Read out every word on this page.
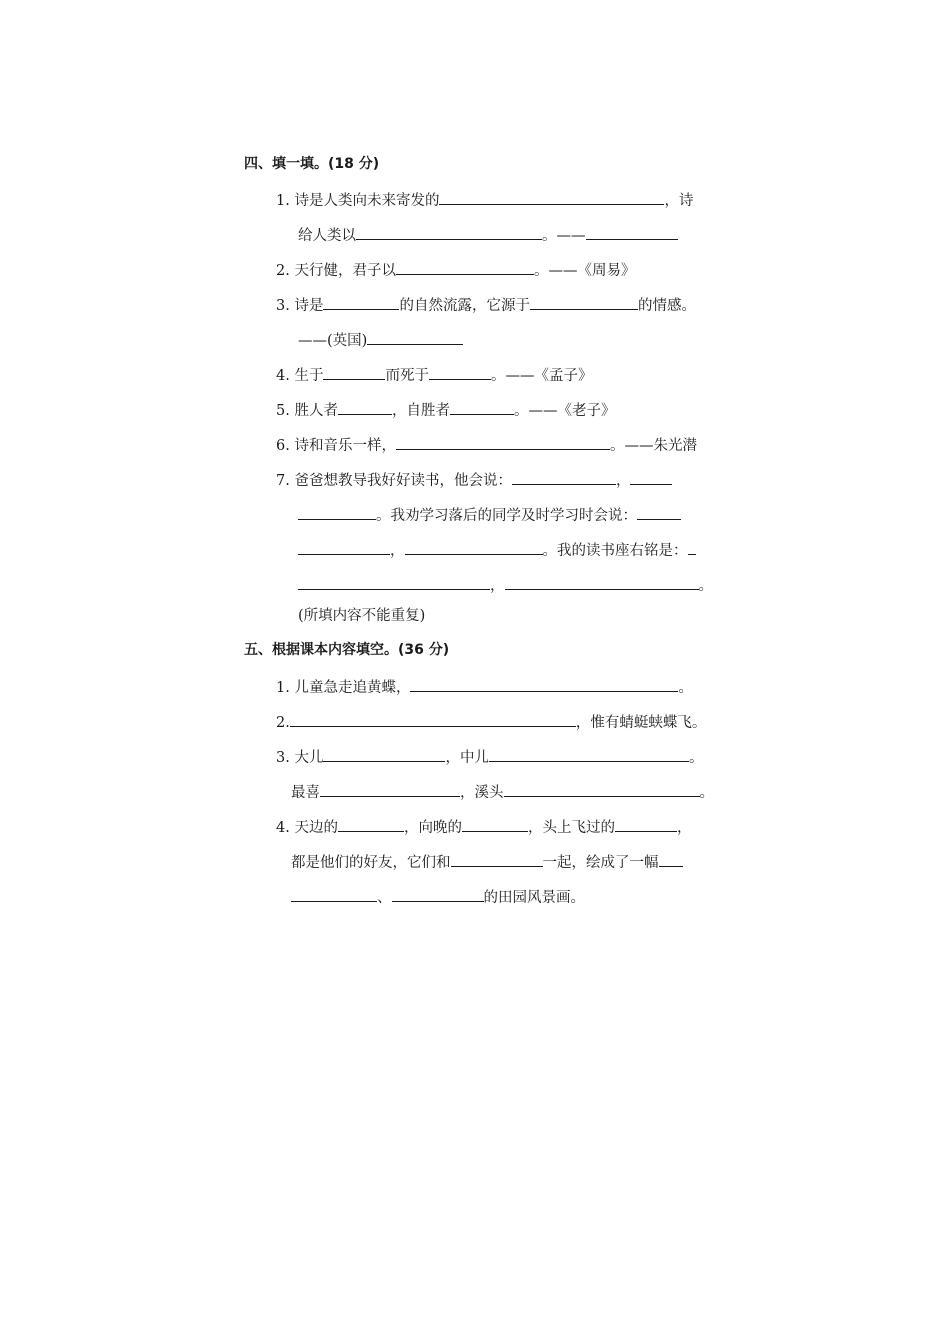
四、填一填。(18 分)
1. 诗是人类向未来寄发的	，诗
给人类以	。——
2. 天行健，君子以	。——《周易》
3. 诗是	的自然流露，它源于	的情感。
——(英国)
4. 生于	而死于	。——《孟子》
5. 胜人者	，自胜者	。——《老子》
6. 诗和音乐一样，	。——朱光潜
7. 爸爸想教导我好好读书，他会说：	，
。我劝学习落后的同学及时学习时会说：
，	。我的读书座右铭是：
，	。
(所填内容不能重复)
五、根据课本内容填空。(36 分)
1. 儿童急走追黄蝶，	。
2.	，惟有蜻蜓蛱蝶飞。
3. 大儿	，中儿	。
最喜	，溪头	。
4. 天边的	，向晚的	，头上飞过的	，
都是他们的好友，它们和	一起，绘成了一幅
、	的田园风景画。
